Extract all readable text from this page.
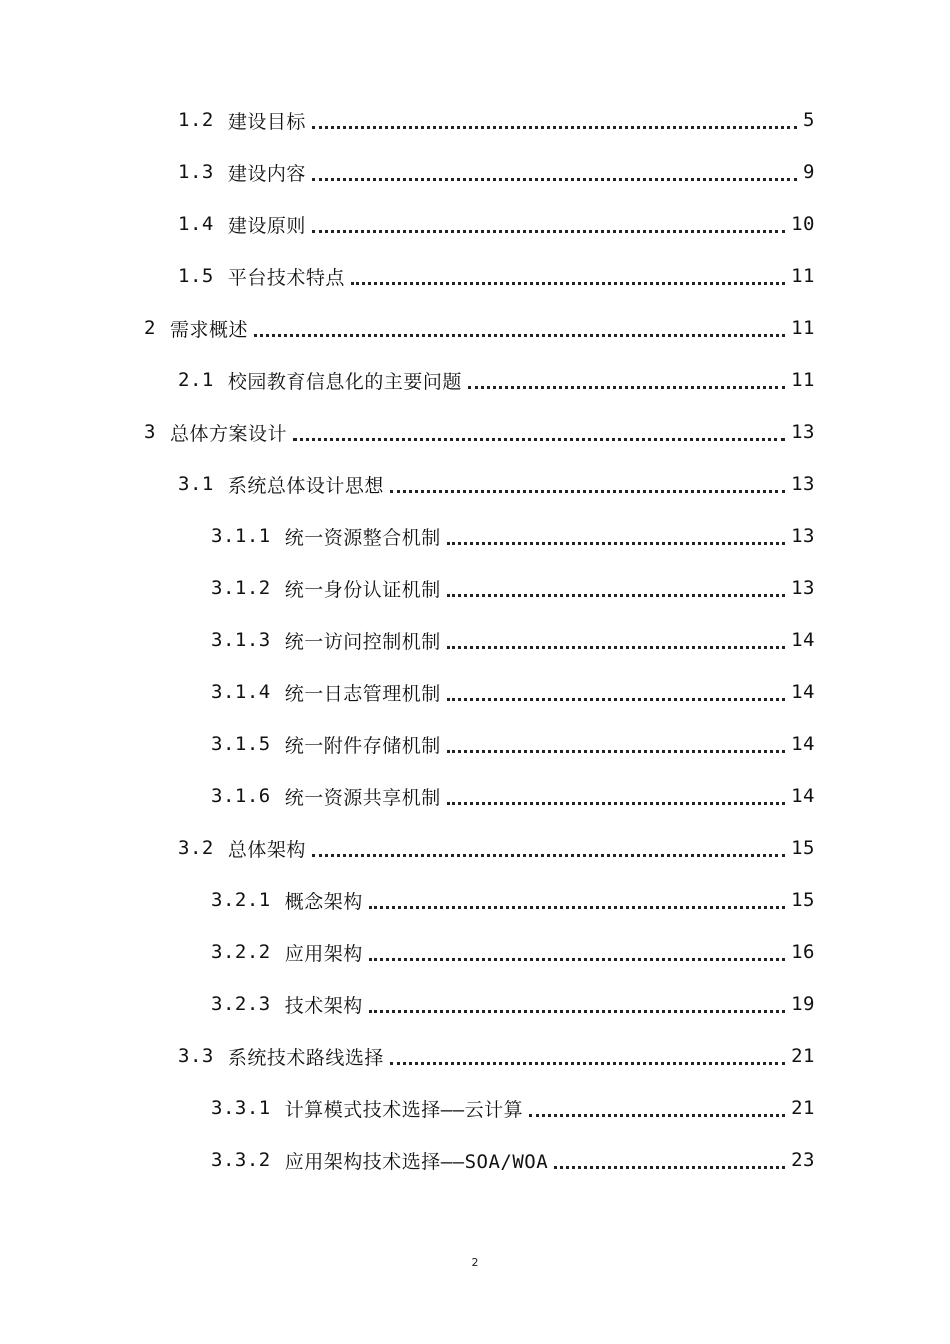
1.2 建设目标	5
1.3 建设内容	9
1.4 建设原则	10
1.5 平台技术特点	11
2 需求概述	11
2.1 校园教育信息化的主要问题	11
3 总体方案设计	13
3.1 系统总体设计思想	13
3.1.1 统一资源整合机制	13
3.1.2 统一身份认证机制	13
3.1.3 统一访问控制机制	14
3.1.4 统一日志管理机制	14
3.1.5 统一附件存储机制	14
3.1.6 统一资源共享机制	14
3.2 总体架构	15
3.2.1 概念架构	15
3.2.2 应用架构	16
3.2.3 技术架构	19
3.3 系统技术路线选择	21
3.3.1 计算模式技术选择——云计算	21
3.3.2 应用架构技术选择——SOA/WOA	23
2
